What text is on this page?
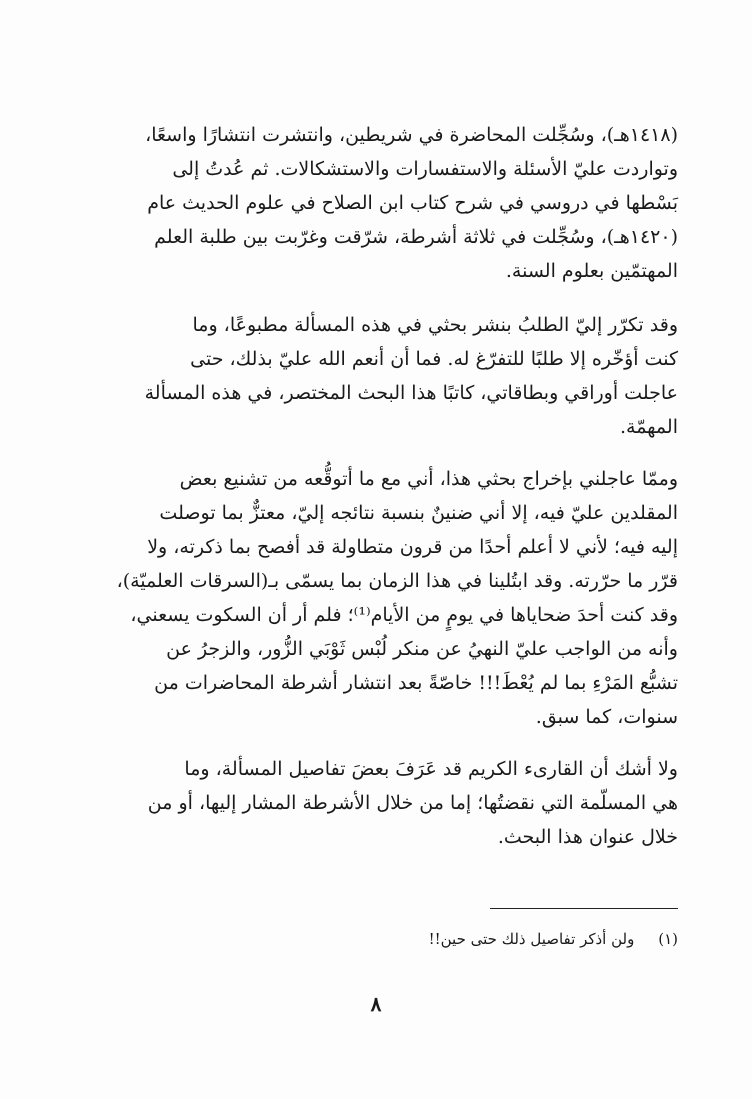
(١٤١٨هـ)، وسُجِّلت المحاضرة في شريطين، وانتشرت انتشارًا واسعًا،
وتواردت عليّ الأسئلة والاستفسارات والاستشكالات. ثم عُدتُ إلى
بَسْطها في دروسي في شرح كتاب ابن الصلاح في علوم الحديث عام
(١٤٢٠هـ)، وسُجِّلت في ثلاثة أشرطة، شرّقت وغرّبت بين طلبة العلم
المهتمّين بعلوم السنة.
وقد تكرّر إليّ الطلبُ بنشر بحثي في هذه المسألة مطبوعًا، وما
كنت أؤخّره إلا طلبًا للتفرّغ له. فما أن أنعم الله عليّ بذلك، حتى
عاجلت أوراقي وبطاقاتي، كاتبًا هذا البحث المختصر، في هذه المسألة
المهمّة.
وممّا عاجلني بإخراج بحثي هذا، أني مع ما أتوقُّعه من تشنيع بعض
المقلدين عليّ فيه، إلا أني ضنينٌ بنسبة نتائجه إليّ، معتزٌّ بما توصلت
إليه فيه؛ لأني لا أعلم أحدًا من قرون متطاولة قد أفصح بما ذكرته، ولا
قرّر ما حرّرته. وقد ابتُلينا في هذا الزمان بما يسمّى بـ(السرقات العلميّة)،
وقد كنت أحدَ ضحاياها في يومٍ من الأيام⁽¹⁾؛ فلم أر أن السكوت يسعني،
وأنه من الواجب عليّ النهيُ عن منكر لُبْس ثَوْبَي الزُّور، والزجرُ عن
تشبُّع المَرْءِ بما لم يُعْطَ!!! خاصّةً بعد انتشار أشرطة المحاضرات من
سنوات، كما سبق.
ولا أشك أن القارىء الكريم قد عَرَفَ بعضَ تفاصيل المسألة، وما
هي المسلّمة التي نقضتُها؛ إما من خلال الأشرطة المشار إليها، أو من
خلال عنوان هذا البحث.
(١)     ولن أذكر تفاصيل ذلك حتى حين!!
٨
